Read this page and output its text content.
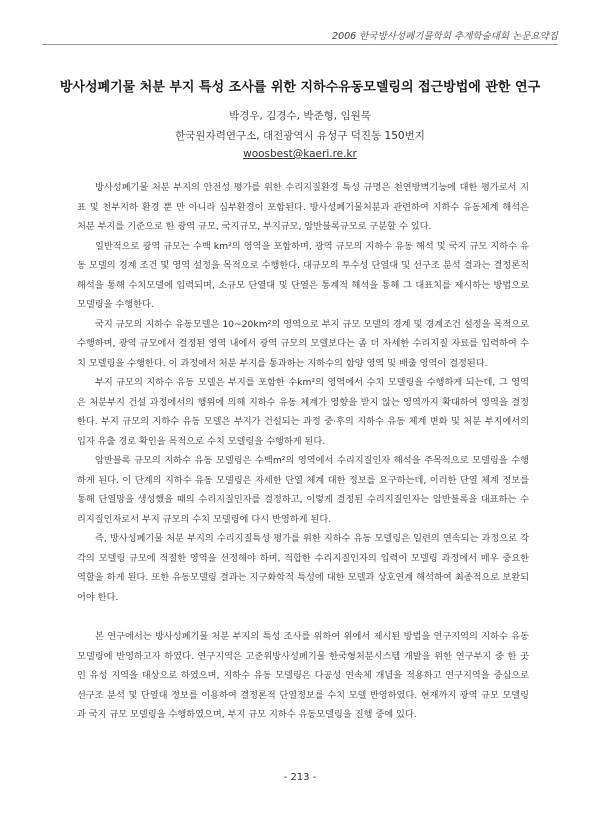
2006 한국방사성폐기물학회 추계학술대회 논문요약집
방사성폐기물 처분 부지 특성 조사를 위한 지하수유동모델링의 접근방법에 관한 연구
박경우, 김경수, 박준형, 임원묵
한국원자력연구소, 대전광역시 유성구 덕진동 150번지
woosbest@kaeri.re.kr

방사성폐기물 처분 부지의 안전성 평가를 위한 수리지질환경 특성 규명은 천연방벽기능에 대한 평가로서 지표 및 천부지하 환경 뿐 만 아니라 심부환경이 포함된다. 방사성폐기물처분과 관련하여 지하수 유동체계 해석은 처분 부지를 기준으로 한 광역 규모, 국지규모, 부지규모, 암반블록규모로 구분할 수 있다.

일반적으로 광역 규모는 수백 km²의 영역을 포함하며, 광역 규모의 지하수 유동 해석 및 국지 규모 지하수 유동 모델의 경계 조건 및 영역 설정을 목적으로 수행한다. 대규모의 투수성 단열대 및 선구조 분석 결과는 결정론적 해석을 통해 수치모델에 입력되며, 소규모 단열대 및 단열은 통계적 해석을 통해 그 대표치를 제시하는 방법으로 모델링을 수행한다.

국지 규모의 지하수 유동모델은 10~20km²의 영역으로 부지 규모 모델의 경계 및 경계조건 설정을 목적으로 수행하며, 광역 규모에서 결정된 영역 내에서 광역 규모의 모델보다는 좀 더 자세한 수리지질 자료를 입력하여 수치 모델링을 수행한다. 이 과정에서 처분 부지를 통과하는 지하수의 함양 영역 및 배출 영역이 결정된다.

부지 규모의 지하수 유동 모델은 부지를 포함한 수km²의 영역에서 수치 모델링을 수행하게 되는데, 그 영역은 처분부지 건설 과정에서의 행위에 의해 지하수 유동 체계가 영향을 받지 않는 영역까지 확대하여 영역을 결정한다. 부지 규모의 지하수 유동 모델은 부지가 건설되는 과정 중·후의 지하수 유동 체계 변화 및 처분 부지에서의 입자 유출 경로 확인을 목적으로 수치 모델링을 수행하게 된다.

암반블록 규모의 지하수 유동 모델링은 수백m²의 영역에서 수리지질인자 해석을 주목적으로 모델링을 수행하게 된다. 이 단계의 지하수 유동 모델링은 자세한 단열 체계 대한 정보를 요구하는데, 이러한 단열 체계 정보를 통해 단열망을 생성했을 때의 수리지질인자를 결정하고, 이렇게 결정된 수리지질인자는 암반블록을 대표하는 수리지질인자로서 부지 규모의 수치 모델링에 다시 반영하게 된다.

즉, 방사성폐기물 처분 부지의 수리지질특성 평가를 위한 지하수 유동 모델링은 일련의 연속되는 과정으로 각각의 모델링 규모에 적절한 영역을 선정해야 하며, 적합한 수리지질인자의 입력이 모델링 과정에서 매우 중요한 역할을 하게 된다. 또한 유동모델링 결과는 지구화학적 특성에 대한 모델과 상호연계 해석하여 최종적으로 보완되어야 한다.

본 연구에서는 방사성폐기물 처분 부지의 특성 조사를 위하여 위에서 제시된 방법을 연구지역의 지하수 유동 모델링에 반영하고자 하였다. 연구지역은 고준위방사성폐기물 한국형처분시스템 개발을 위한 연구부지 중 한 곳인 유성 지역을 대상으로 하였으며, 지하수 유동 모델링은 다공성 연속체 개념을 적용하고 연구지역을 중심으로 선구조 분석 및 단열대 정보를 이용하여 결정론적 단열정보를 수치 모델 반영하였다. 현재까지 광역 규모 모델링과 국지 규모 모델링을 수행하였으며, 부지 규모 지하수 유동모델링을 진행 중에 있다.

- 213 -
